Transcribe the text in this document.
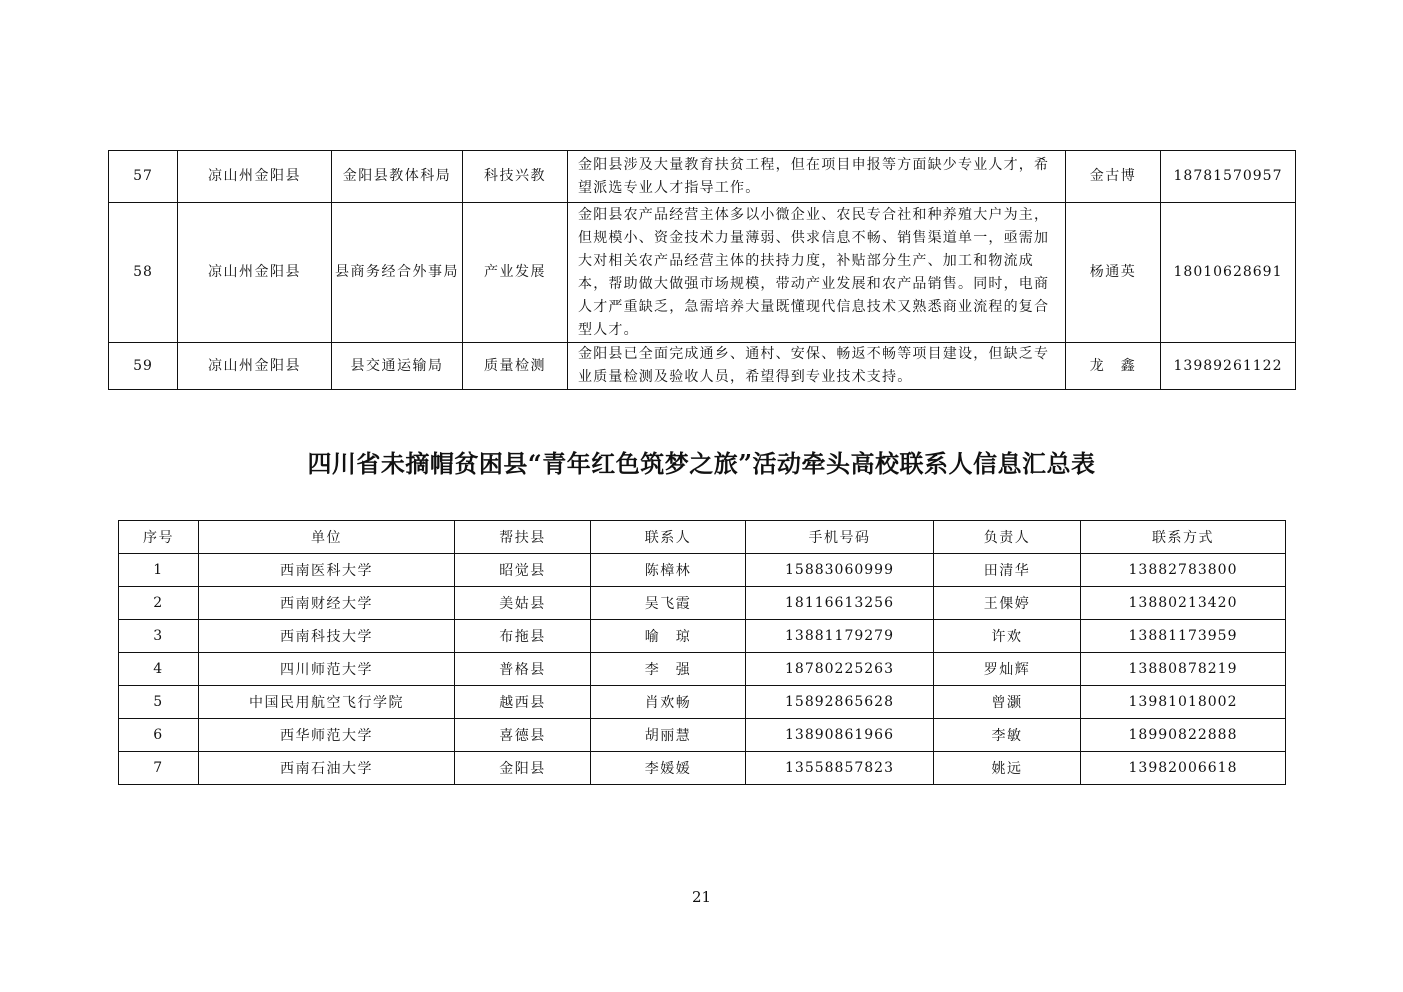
57	凉山州金阳县	金阳县教体科局	科技兴教	金阳县涉及大量教育扶贫工程，但在项目申报等方面缺少专业人才，希望派选专业人才指导工作。	金古博	18781570957
58	凉山州金阳县	县商务经合外事局	产业发展	金阳县农产品经营主体多以小微企业、农民专合社和种养殖大户为主，但规模小、资金技术力量薄弱、供求信息不畅、销售渠道单一，亟需加大对相关农产品经营主体的扶持力度，补贴部分生产、加工和物流成本，帮助做大做强市场规模，带动产业发展和农产品销售。同时，电商人才严重缺乏，急需培养大量既懂现代信息技术又熟悉商业流程的复合型人才。	杨通英	18010628691
59	凉山州金阳县	县交通运输局	质量检测	金阳县已全面完成通乡、通村、安保、畅返不畅等项目建设，但缺乏专业质量检测及验收人员，希望得到专业技术支持。	龙　鑫	13989261122
四川省未摘帽贫困县“青年红色筑梦之旅”活动牵头高校联系人信息汇总表
序号	单位	帮扶县	联系人	手机号码	负责人	联系方式
1	西南医科大学	昭觉县	陈樟林	15883060999	田清华	13882783800
2	西南财经大学	美姑县	吴飞霞	18116613256	王倮婷	13880213420
3	西南科技大学	布拖县	喻　琼	13881179279	许欢	13881173959
4	四川师范大学	普格县	李　强	18780225263	罗灿辉	13880878219
5	中国民用航空飞行学院	越西县	肖欢畅	15892865628	曾灏	13981018002
6	西华师范大学	喜德县	胡丽慧	13890861966	李敏	18990822888
7	西南石油大学	金阳县	李媛媛	13558857823	姚远	13982006618
21
